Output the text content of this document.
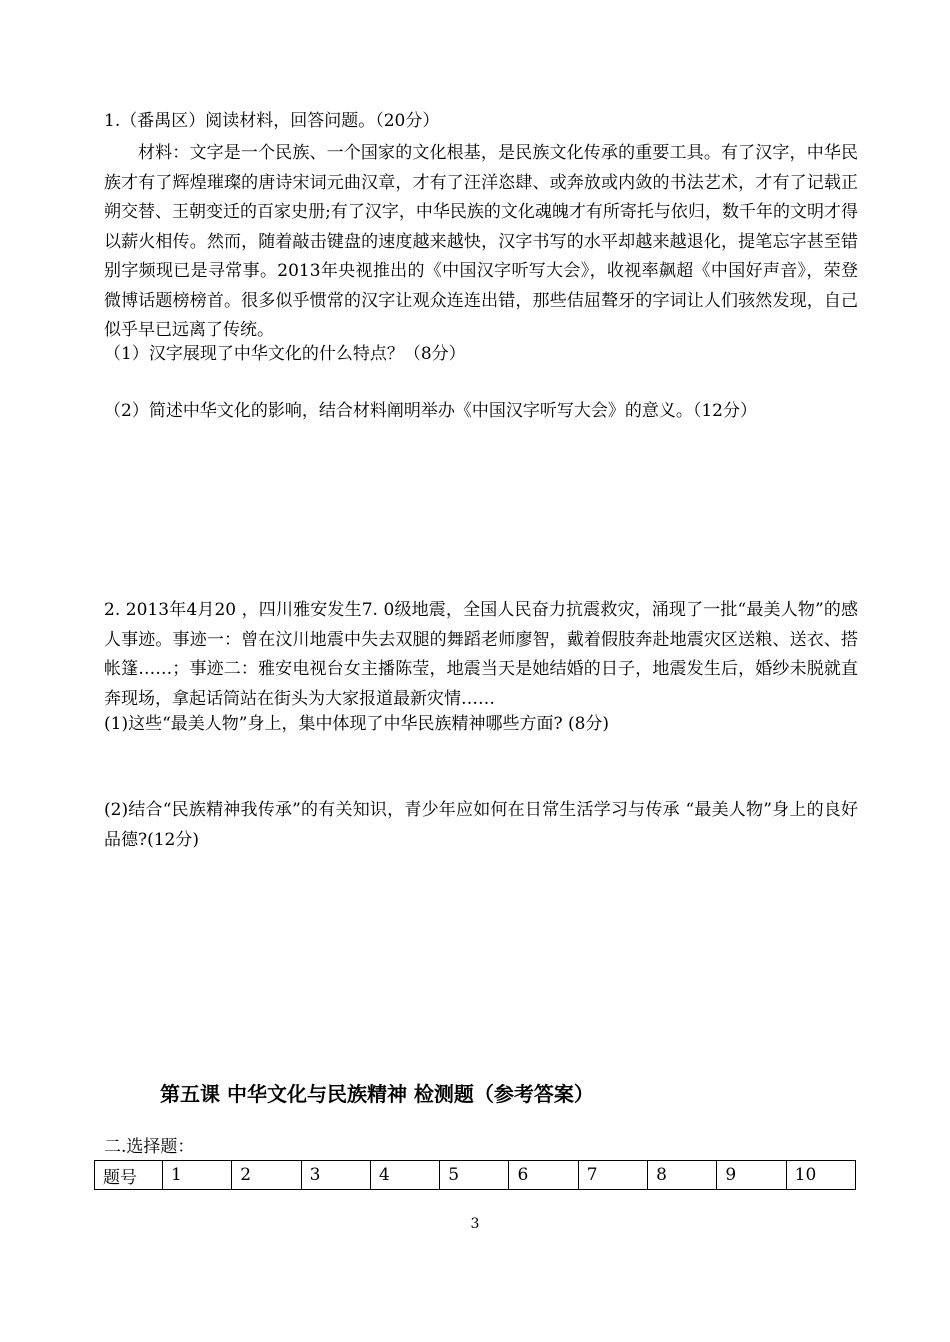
1.（番禺区）阅读材料，回答问题。（20分）
材料：文字是一个民族、一个国家的文化根基，是民族文化传承的重要工具。有了汉字，中华民族才有了辉煌璀璨的唐诗宋词元曲汉章，才有了汪洋恣肆、或奔放或内敛的书法艺术，才有了记载正朔交替、王朝变迁的百家史册;有了汉字，中华民族的文化魂魄才有所寄托与依归，数千年的文明才得以薪火相传。然而，随着敲击键盘的速度越来越快，汉字书写的水平却越来越退化，提笔忘字甚至错别字频现已是寻常事。2013年央视推出的《中国汉字听写大会》，收视率飙超《中国好声音》，荣登微博话题榜榜首。很多似乎惯常的汉字让观众连连出错，那些佶屈聱牙的字词让人们骇然发现，自己似乎早已远离了传统。
（1）汉字展现了中华文化的什么特点？（8分）
（2）简述中华文化的影响，结合材料阐明举办《中国汉字听写大会》的意义。（12分）
2. 2013年4月20 ，四川雅安发生7. 0级地震，全国人民奋力抗震救灾，涌现了一批“最美人物”的感人事迹。事迹一：曾在汶川地震中失去双腿的舞蹈老师廖智，戴着假肢奔赴地震灾区送粮、送衣、搭帐篷……；事迹二：雅安电视台女主播陈莹，地震当天是她结婚的日子，地震发生后，婚纱未脱就直奔现场，拿起话筒站在街头为大家报道最新灾情……
(1)这些“最美人物”身上，集中体现了中华民族精神哪些方面? (8分)
(2)结合“民族精神我传承”的有关知识，青少年应如何在日常生活学习与传承 “最美人物”身上的良好品德?(12分)
第五课 中华文化与民族精神 检测题（参考答案）
二.选择题：
题号	1	2	3	4	5	6	7	8	9	10
3
